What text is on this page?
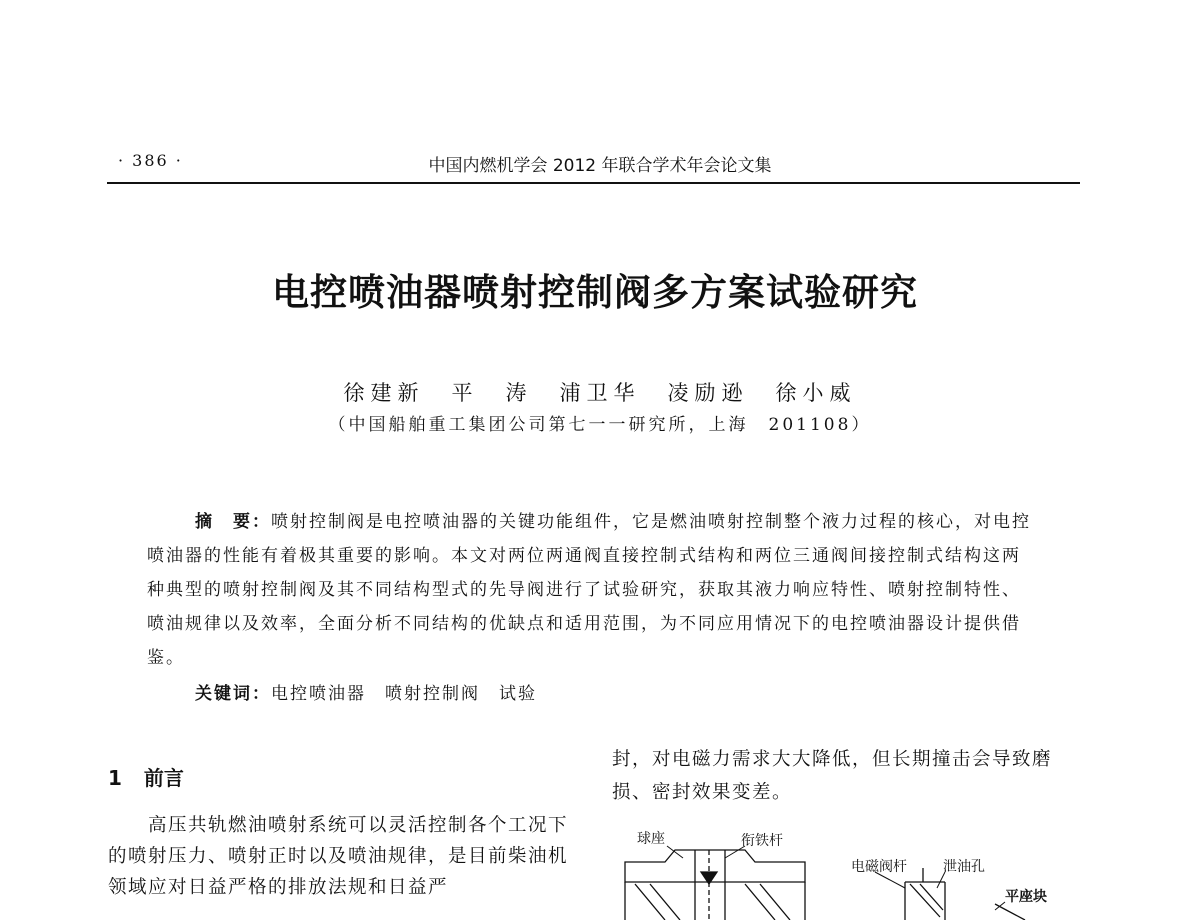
· 386 ·	中国内燃机学会 2012 年联合学术年会论文集
电控喷油器喷射控制阀多方案试验研究
徐建新　平　涛　浦卫华　凌励逊　徐小威
（中国船舶重工集团公司第七一一研究所，上海　201108）

摘　要：喷射控制阀是电控喷油器的关键功能组件，它是燃油喷射控制整个液力过程的核心，对电控喷油器的性能有着极其重要的影响。本文对两位两通阀直接控制式结构和两位三通阀间接控制式结构这两种典型的喷射控制阀及其不同结构型式的先导阀进行了试验研究，获取其液力响应特性、喷射控制特性、喷油规律以及效率，全面分析不同结构的优缺点和适用范围，为不同应用情况下的电控喷油器设计提供借鉴。

关键词：电控喷油器　喷射控制阀　试验
1 前言

高压共轨燃油喷射系统可以灵活控制各个工况下的喷射压力、喷射正时以及喷油规律，是目前柴油机领域应对日益严格的排放法规和日益严

封，对电磁力需求大大降低，但长期撞击会导致磨损、密封效果变差。

球座	衔铁杆
电磁阀杆	泄油孔
平座块
